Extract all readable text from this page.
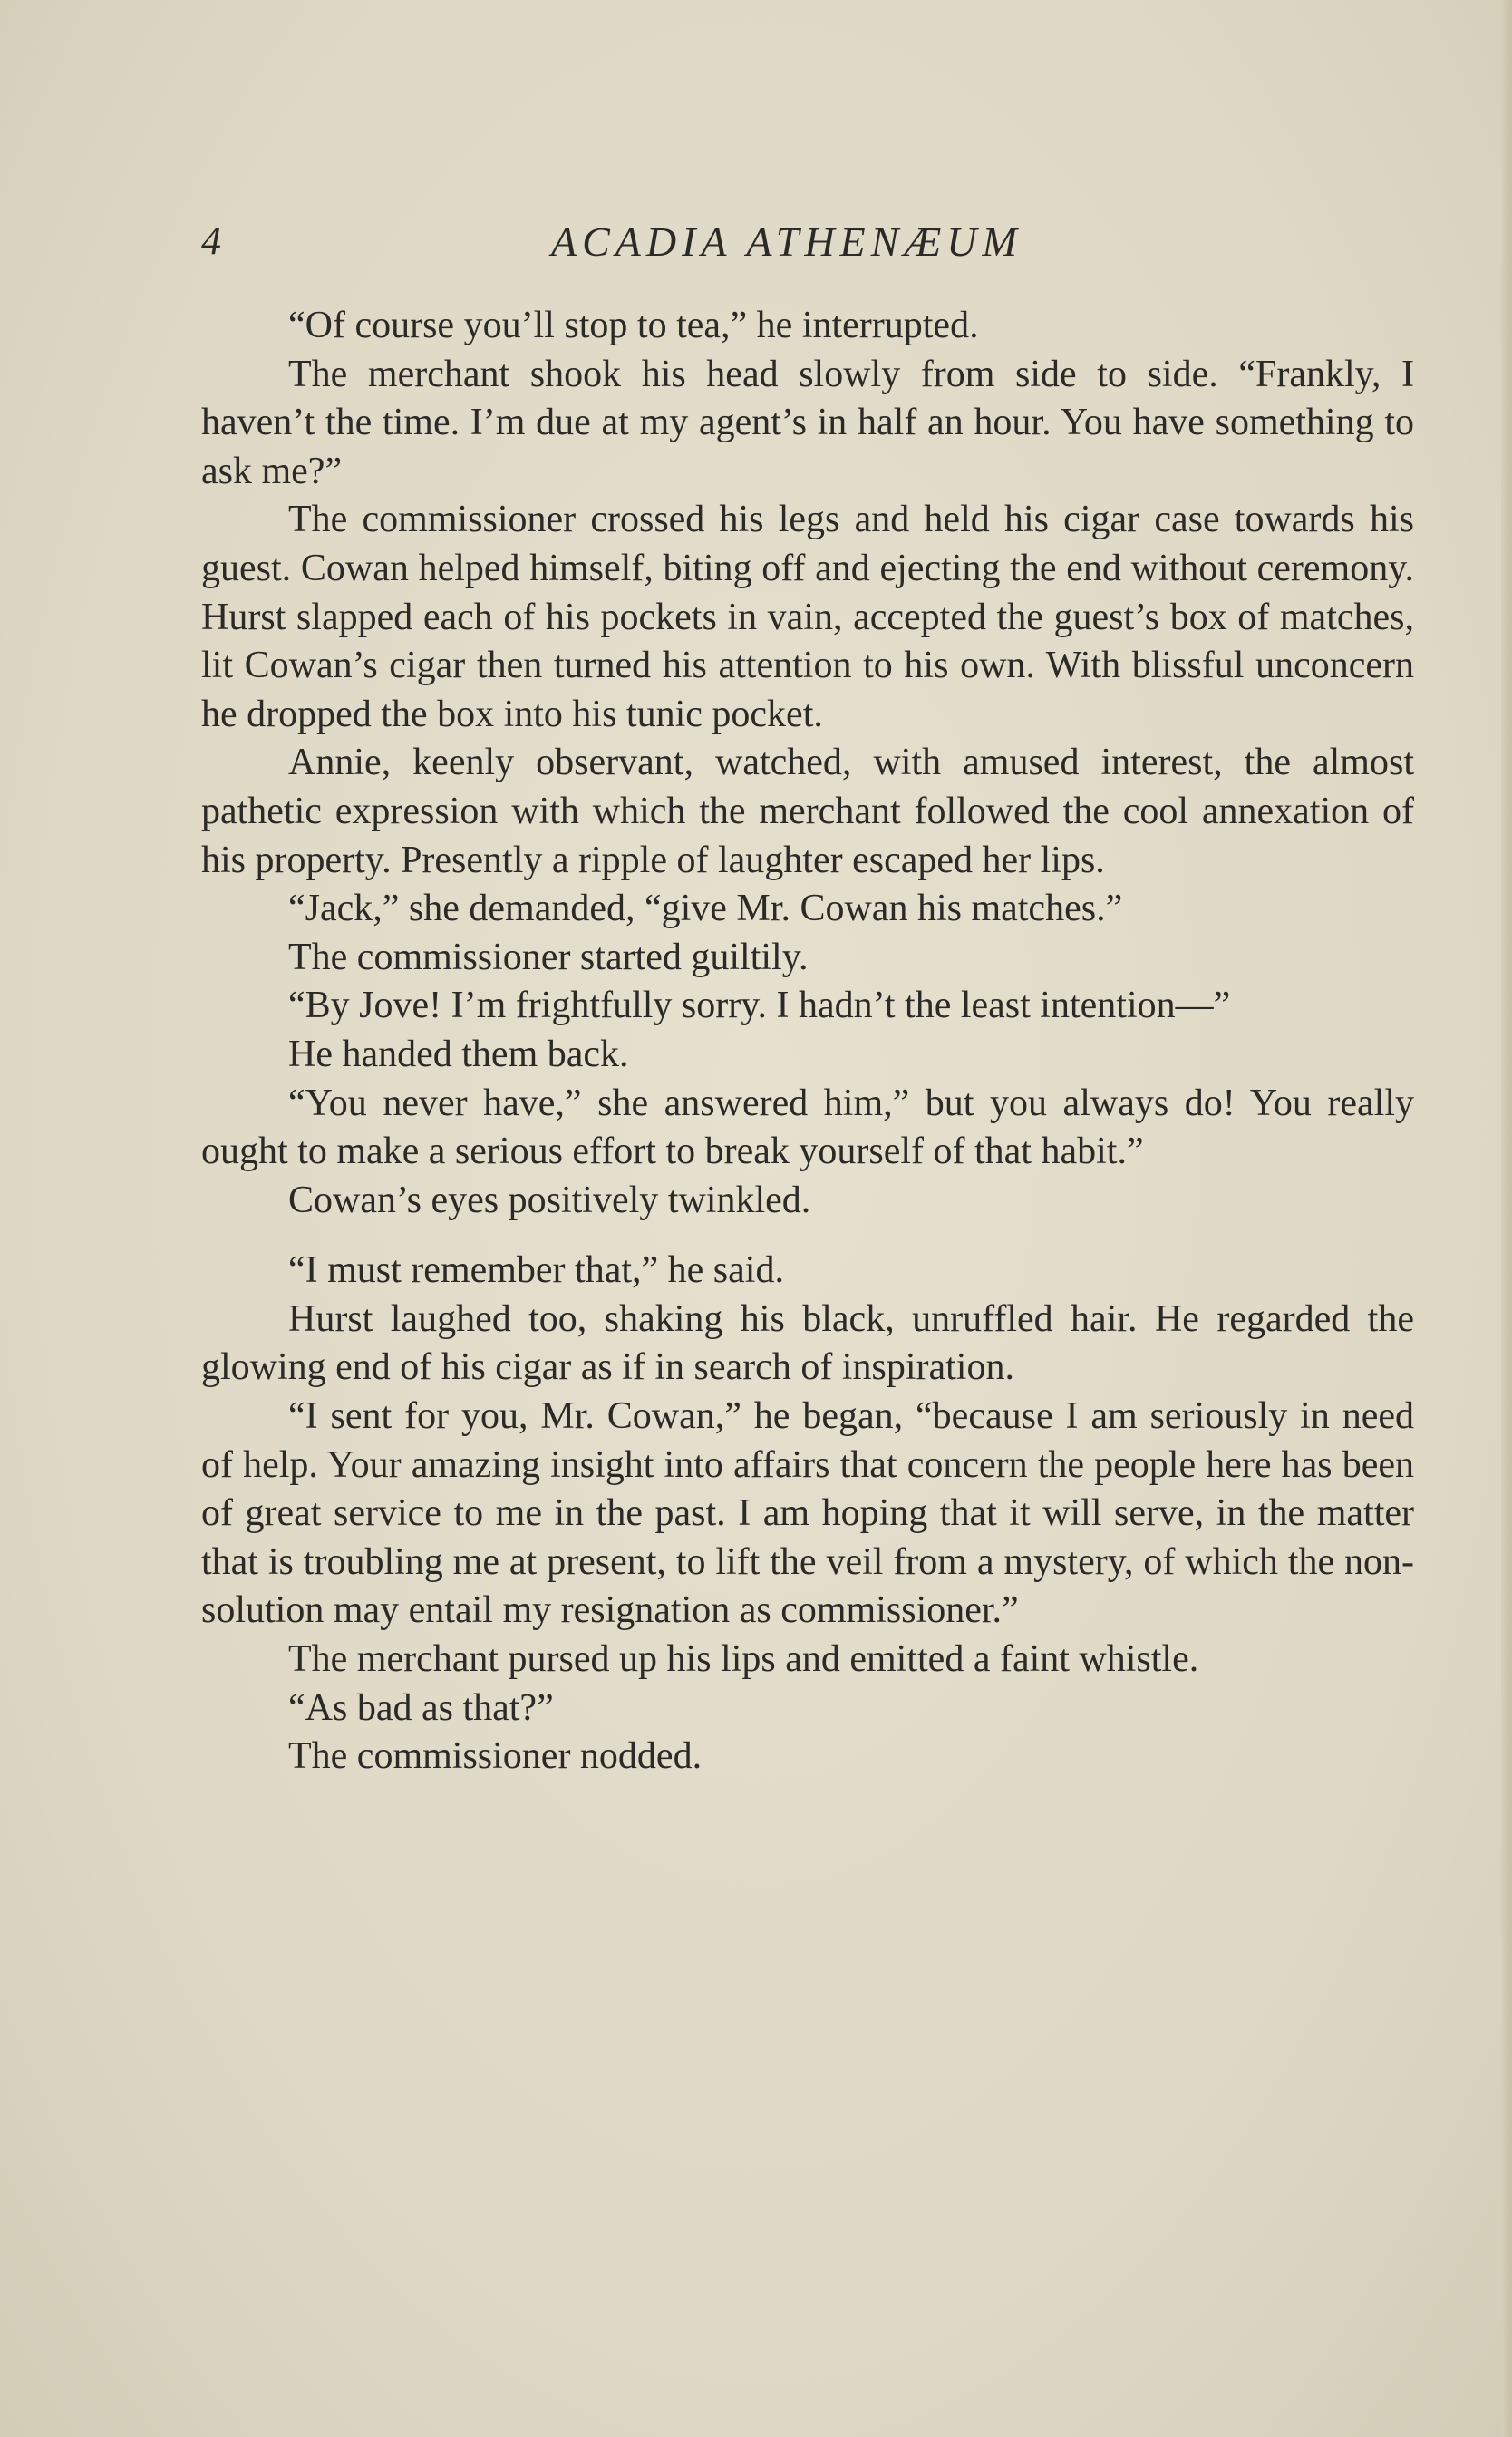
4	ACADIA ATHENÆUM

“Of course you’ll stop to tea,” he interrupted.

The merchant shook his head slowly from side to side. “Frankly, I haven’t the time. I’m due at my agent’s in half an hour. You have something to ask me?”

The commissioner crossed his legs and held his cigar case towards his guest. Cowan helped himself, biting off and ejecting the end without ceremony. Hurst slapped each of his pockets in vain, accepted the guest’s box of matches, lit Cowan’s cigar then turned his attention to his own. With blissful unconcern he dropped the box into his tunic pocket.

Annie, keenly observant, watched, with amused interest, the almost pathetic expression with which the merchant followed the cool annexation of his property. Presently a ripple of laughter escaped her lips.

“Jack,” she demanded, “give Mr. Cowan his matches.”

The commissioner started guiltily.

“By Jove! I’m frightfully sorry. I hadn’t the least intention—”

He handed them back.

“You never have,” she answered him,” but you always do! You really ought to make a serious effort to break yourself of that habit.”

Cowan’s eyes positively twinkled.

“I must remember that,” he said.

Hurst laughed too, shaking his black, unruffled hair. He regarded the glowing end of his cigar as if in search of inspiration.

“I sent for you, Mr. Cowan,” he began, “because I am seriously in need of help. Your amazing insight into affairs that concern the people here has been of great service to me in the past. I am hoping that it will serve, in the matter that is troubling me at present, to lift the veil from a mystery, of which the non-solution may entail my resignation as commissioner.”

The merchant pursed up his lips and emitted a faint whistle.

“As bad as that?”

The commissioner nodded.
